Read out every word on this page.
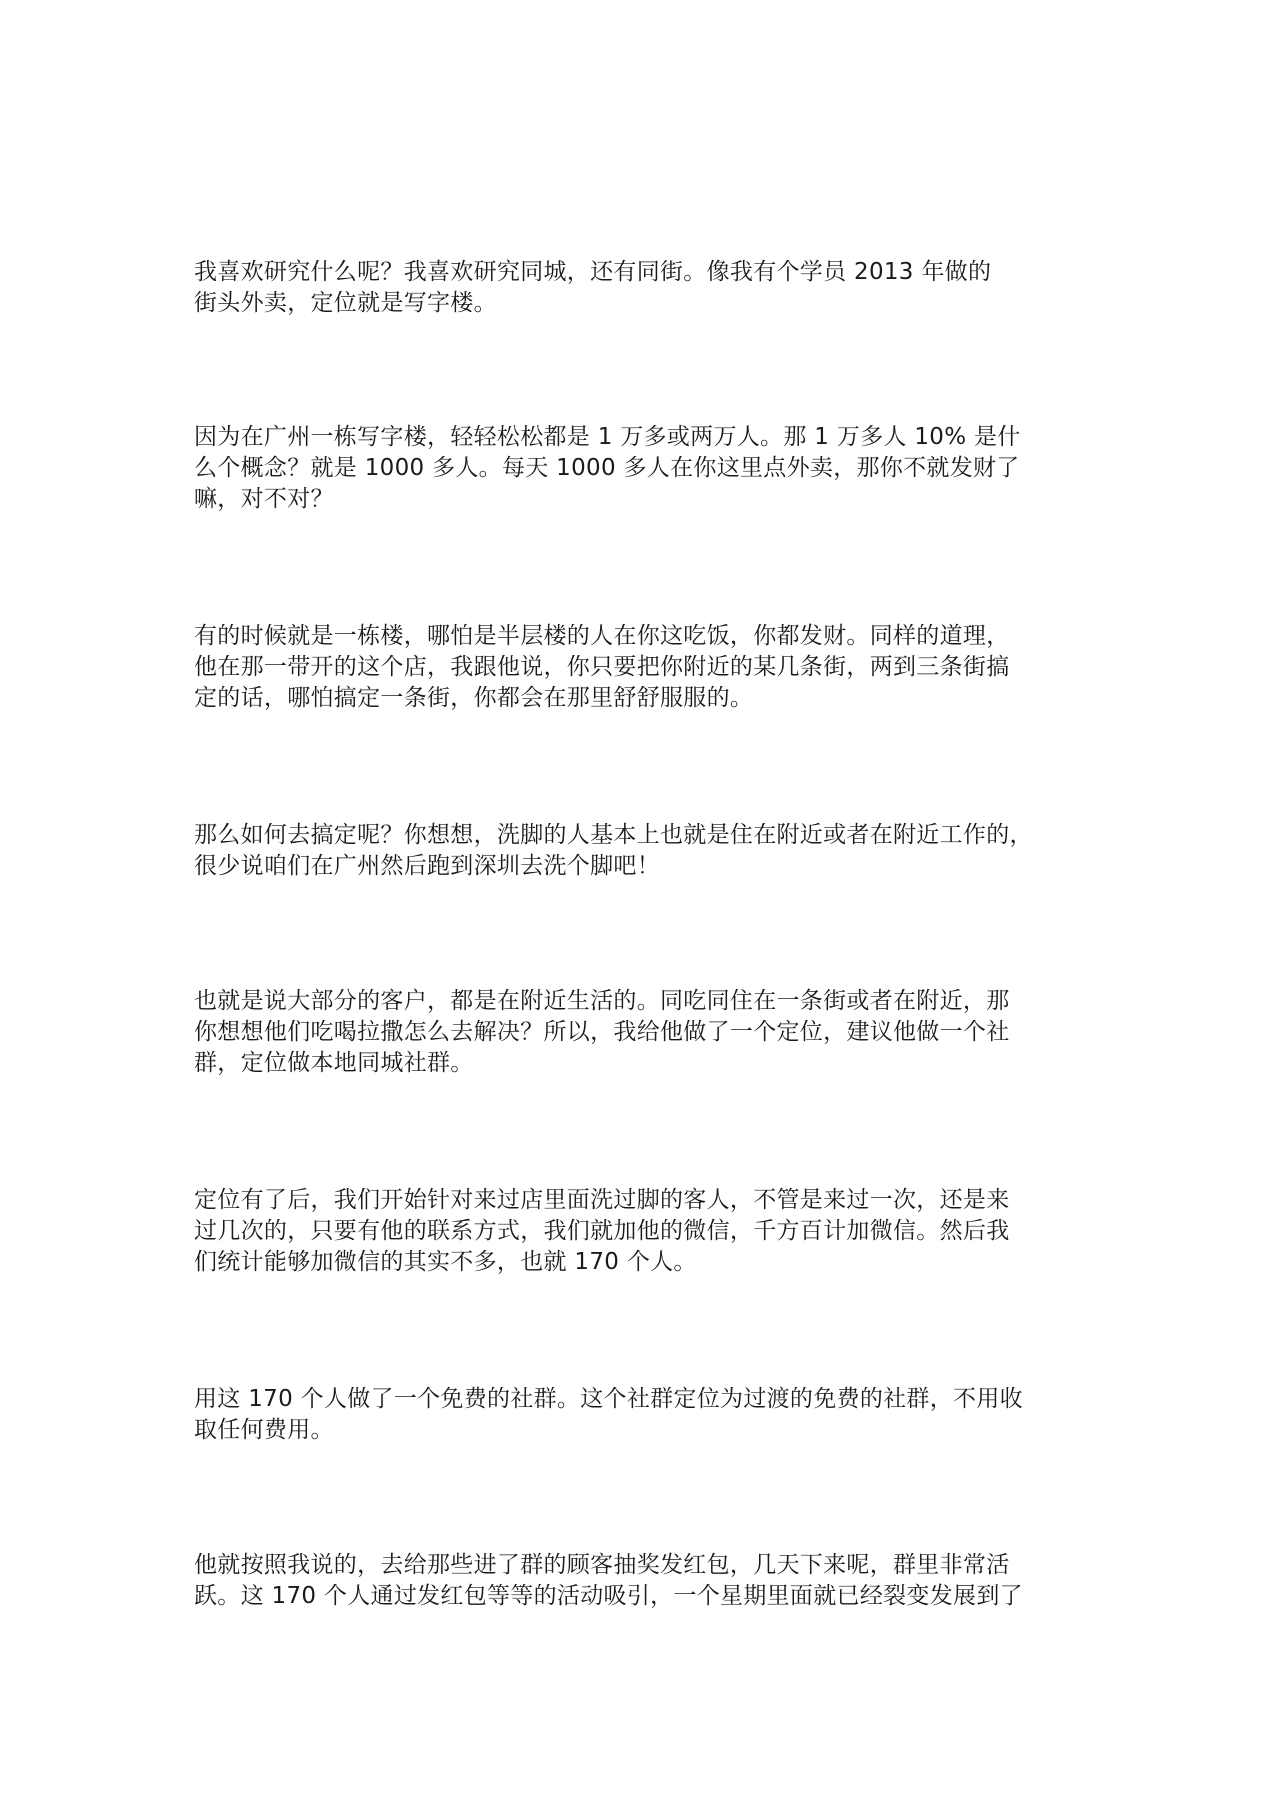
我喜欢研究什么呢？我喜欢研究同城，还有同街。像我有个学员 2013 年做的
街头外卖，定位就是写字楼。

因为在广州一栋写字楼，轻轻松松都是 1 万多或两万人。那 1 万多人 10% 是什
么个概念？就是 1000 多人。每天 1000 多人在你这里点外卖，那你不就发财了
嘛，对不对？

有的时候就是一栋楼，哪怕是半层楼的人在你这吃饭，你都发财。同样的道理，
他在那一带开的这个店，我跟他说，你只要把你附近的某几条街，两到三条街搞
定的话，哪怕搞定一条街，你都会在那里舒舒服服的。

那么如何去搞定呢？你想想，洗脚的人基本上也就是住在附近或者在附近工作的，
很少说咱们在广州然后跑到深圳去洗个脚吧！

也就是说大部分的客户，都是在附近生活的。同吃同住在一条街或者在附近，那
你想想他们吃喝拉撒怎么去解决？所以，我给他做了一个定位，建议他做一个社
群，定位做本地同城社群。

定位有了后，我们开始针对来过店里面洗过脚的客人，不管是来过一次，还是来
过几次的，只要有他的联系方式，我们就加他的微信，千方百计加微信。然后我
们统计能够加微信的其实不多，也就 170 个人。

用这 170 个人做了一个免费的社群。这个社群定位为过渡的免费的社群，不用收
取任何费用。

他就按照我说的，去给那些进了群的顾客抽奖发红包，几天下来呢，群里非常活
跃。这 170 个人通过发红包等等的活动吸引，一个星期里面就已经裂变发展到了
